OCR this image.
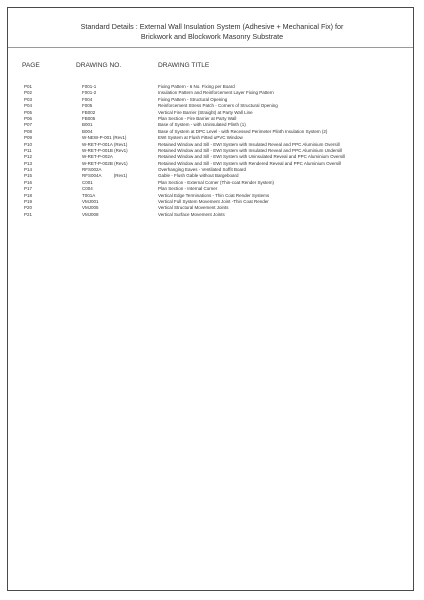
Standard Details : External Wall Insulation System (Adhesive + Mechanical Fix) for
Brickwork and Blockwork Masonry Substrate
PAGE	DRAWING NO.	DRAWING TITLE
P01	F001-1	Fixing Pattern - 6 No. Fixing per Board
P02	F001-2	Insulation Pattern and Reinforcement Layer Fixing Pattern
P03	F004	Fixing Pattern - Structural Opening
P04	F005	Reinforcement Stress Patch - Corners of Structural Opening
P05	FB002	Vertical Fire Barrier (Straight) at Party Wall Line
P06	FB005	Plan Section - Fire Barrier at Party Wall
P07	B001	Base of System - with Uninsulated Plinth (1)
P08	B004	Base of System at DPC Level - with Recessed Perimeter Plinth Insulation System (2)
P09	W-NEW-P-001 (Rev1)	EWI System at Flush Fitted uPVC Window
P10	W-RET-P-001A (Rev1)	Retained Window and Sill - EWI System with Insulated Reveal and PPC Aluminium Oversill
P11	W-RET-P-001B (Rev1)	Retained Window and Sill - EWI System with Insulated Reveal and PPC Aluminium Undersill
P12	W-RET-P-002A	Retained Window and Sill - EWI System with Uninsulated Reveal and PPC Aluminium Oversill
P13	W-RET-P-002B (Rev1)	Retained Window and Sill - EWI System with Rendered Reveal and PPC Aluminium Oversill
P14	RFS002A	Overhanging Eaves - Ventilated Soffit Board
P15	RFS004A          (Rev1)	Gable - Flush Gable without Bargeboard
P16	C001	Plan Section - External Corner (Thin-coat Render System)
P17	C004	Plan Section - Internal Corner
P18	T001A	Vertical Edge Terminations - Thin Coat Render Systems
P19	VMJ001	Vertical Full System Movement Joint -Thin Coat Render
P20	VMJ005	Vertical Structural Movement Joints
P21	VMJ008	Vertical Surface Movement Joints
